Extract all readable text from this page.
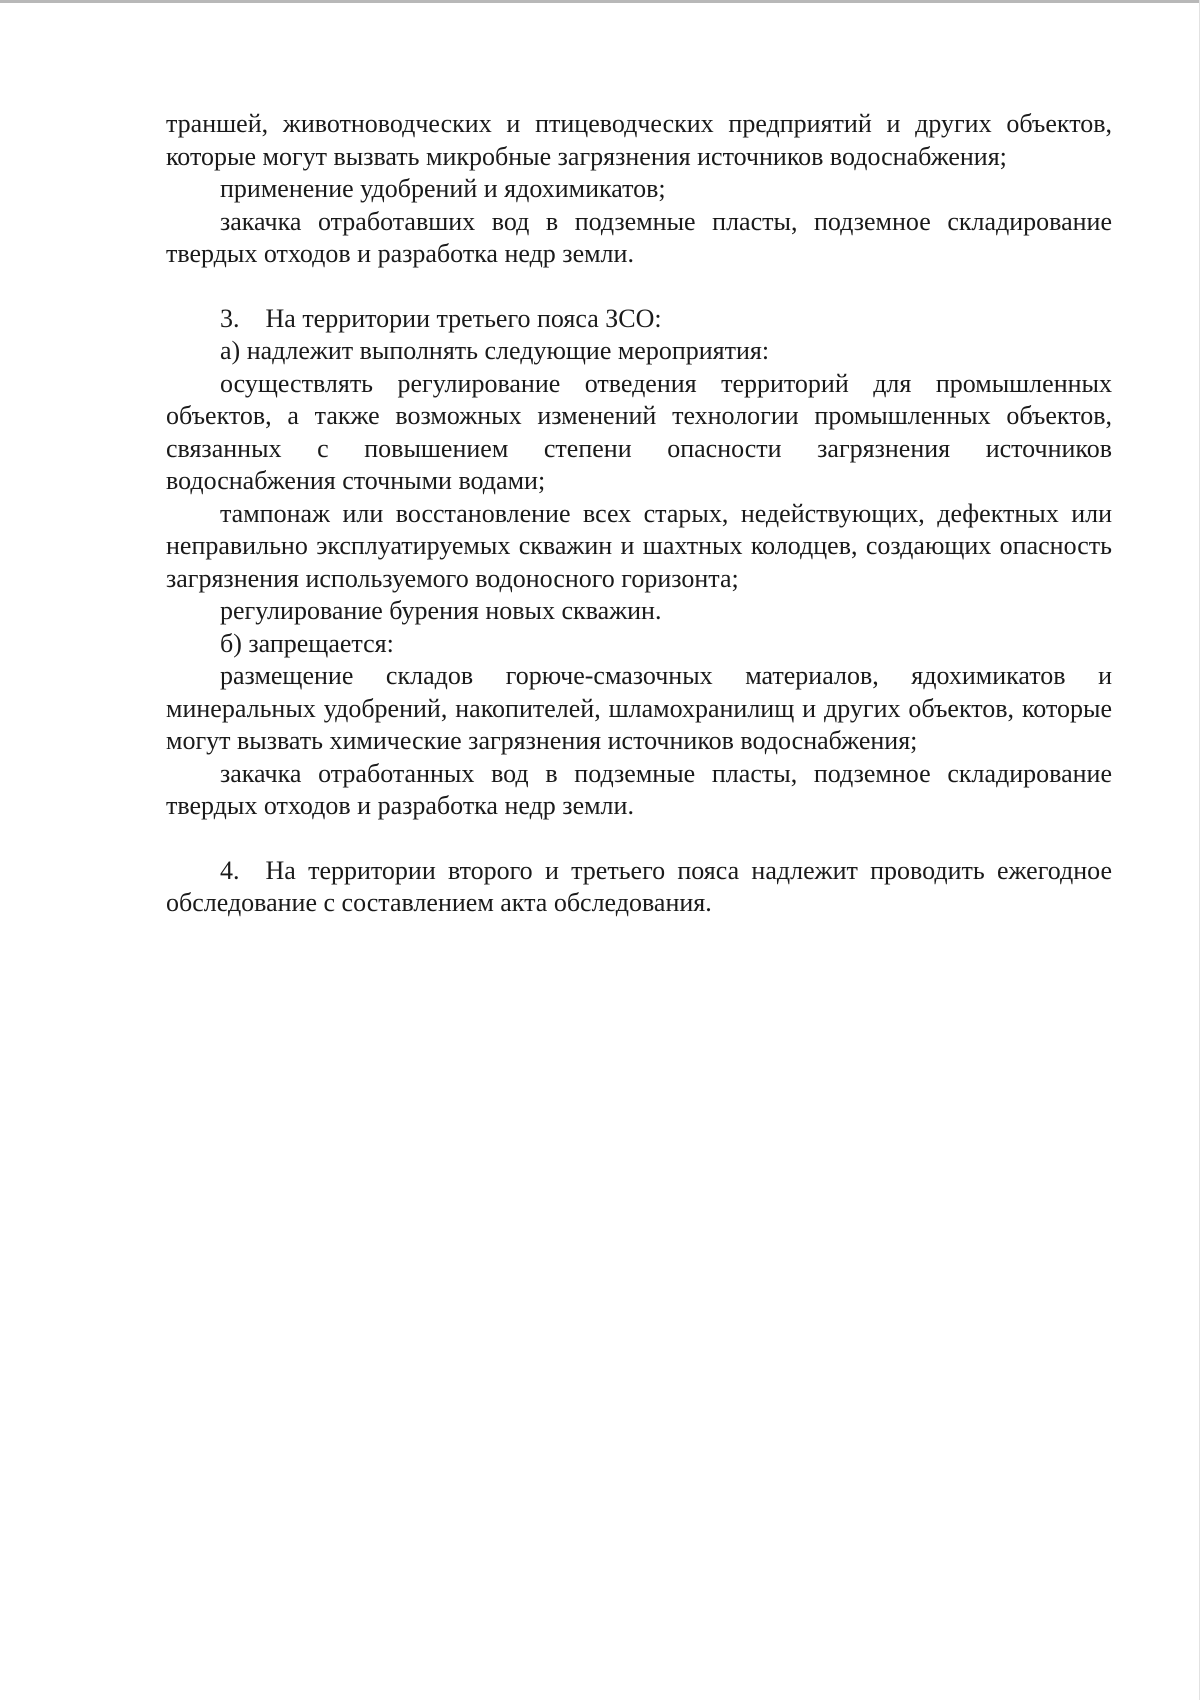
траншей, животноводческих и птицеводческих предприятий и других объектов, которые могут вызвать микробные загрязнения источников водоснабжения;

применение удобрений и ядохимикатов;

закачка отработавших вод в подземные пласты, подземное складирование твердых отходов и разработка недр земли.

3.  На территории третьего пояса ЗСО:

а) надлежит выполнять следующие мероприятия:

осуществлять регулирование отведения территорий для промышленных объектов, а также возможных изменений технологии промышленных объектов, связанных с повышением степени опасности загрязнения источников водоснабжения сточными водами;

тампонаж или восстановление всех старых, недействующих, дефектных или неправильно эксплуатируемых скважин и шахтных колодцев, создающих опасность загрязнения используемого водоносного горизонта;

регулирование бурения новых скважин.

б) запрещается:

размещение складов горюче-смазочных материалов, ядохимикатов и минеральных удобрений, накопителей, шламохранилищ и других объектов, которые могут вызвать химические загрязнения источников водоснабжения;

закачка отработанных вод в подземные пласты, подземное складирование твердых отходов и разработка недр земли.

4.  На территории второго и третьего пояса надлежит проводить ежегодное обследование с составлением акта обследования.
